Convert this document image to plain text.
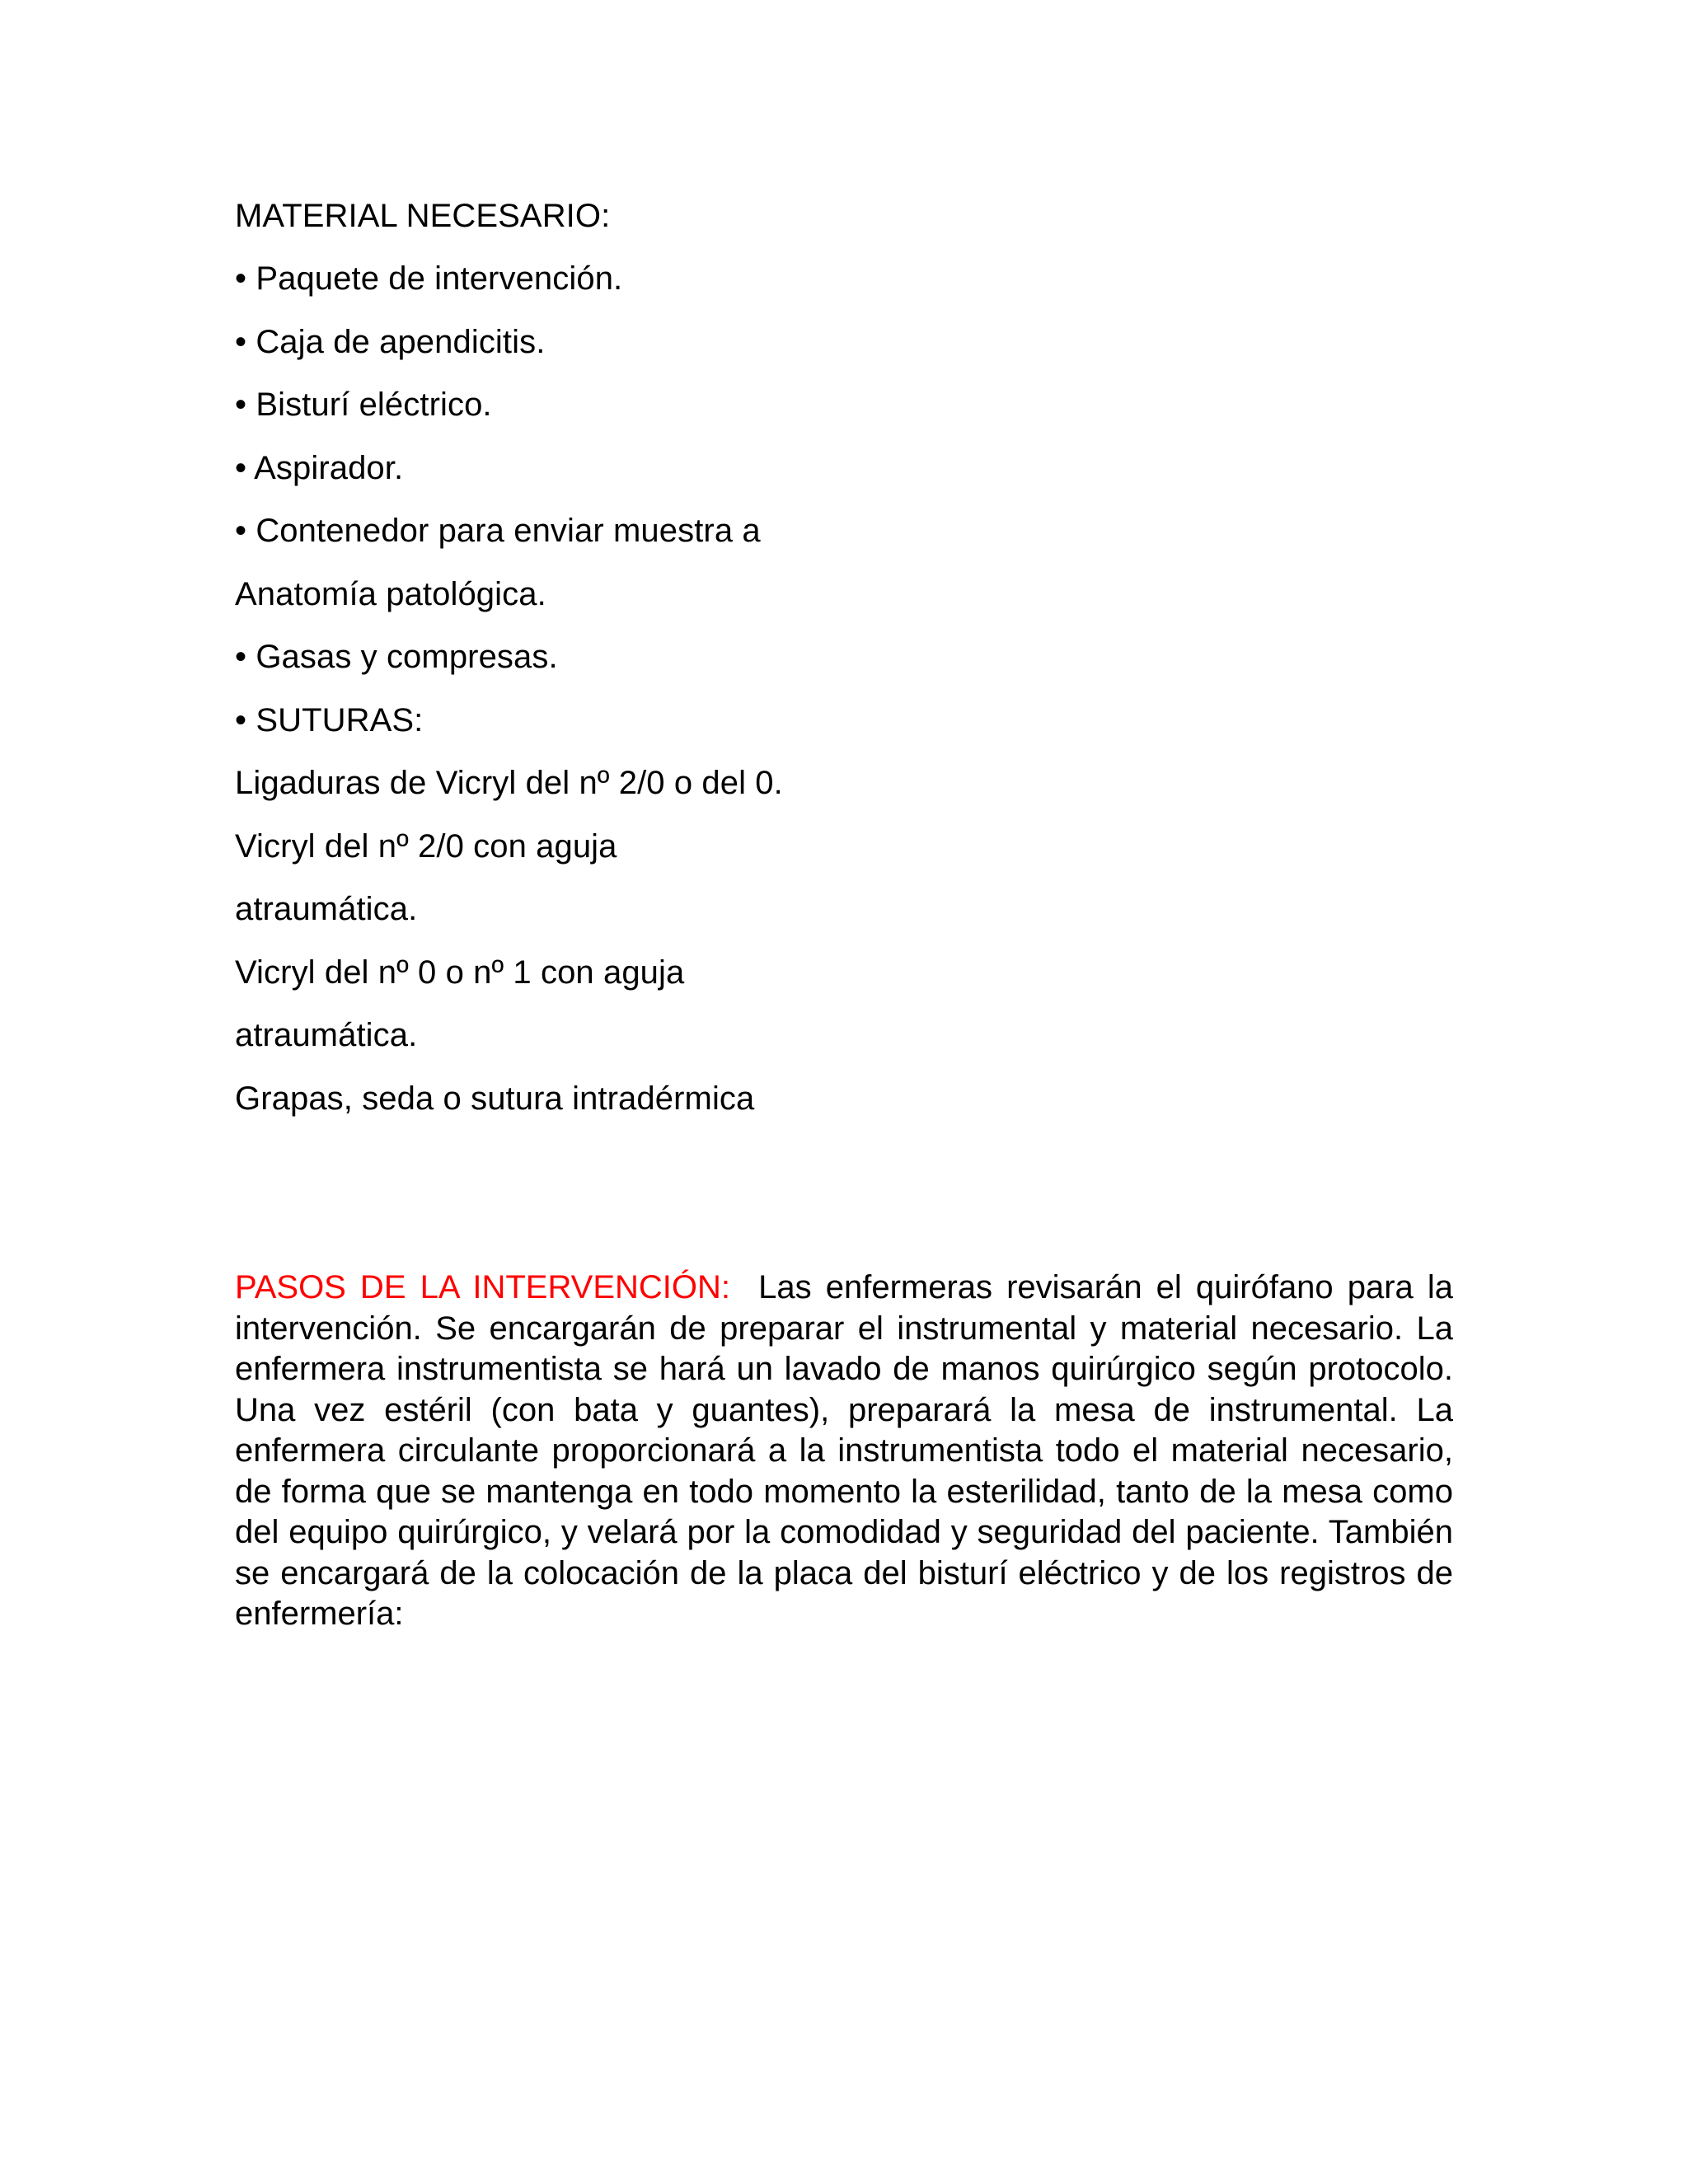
MATERIAL NECESARIO:
• Paquete de intervención.
• Caja de apendicitis.
• Bisturí eléctrico.
• Aspirador.
• Contenedor para enviar muestra a
Anatomía patológica.
• Gasas y compresas.
• SUTURAS:
Ligaduras de Vicryl del nº 2/0 o del 0.
Vicryl del nº 2/0 con aguja
atraumática.
Vicryl del nº 0 o nº 1 con aguja
atraumática.
Grapas, seda o sutura intradérmica

PASOS DE LA INTERVENCIÓN: Las enfermeras revisarán el quirófano para la intervención. Se encargarán de preparar el instrumental y material necesario. La enfermera instrumentista se hará un lavado de manos quirúrgico según protocolo. Una vez estéril (con bata y guantes), preparará la mesa de instrumental. La enfermera circulante proporcionará a la instrumentista todo el material necesario, de forma que se mantenga en todo momento la esterilidad, tanto de la mesa como del equipo quirúrgico, y velará por la comodidad y seguridad del paciente. También se encargará de la colocación de la placa del bisturí eléctrico y de los registros de enfermería:
